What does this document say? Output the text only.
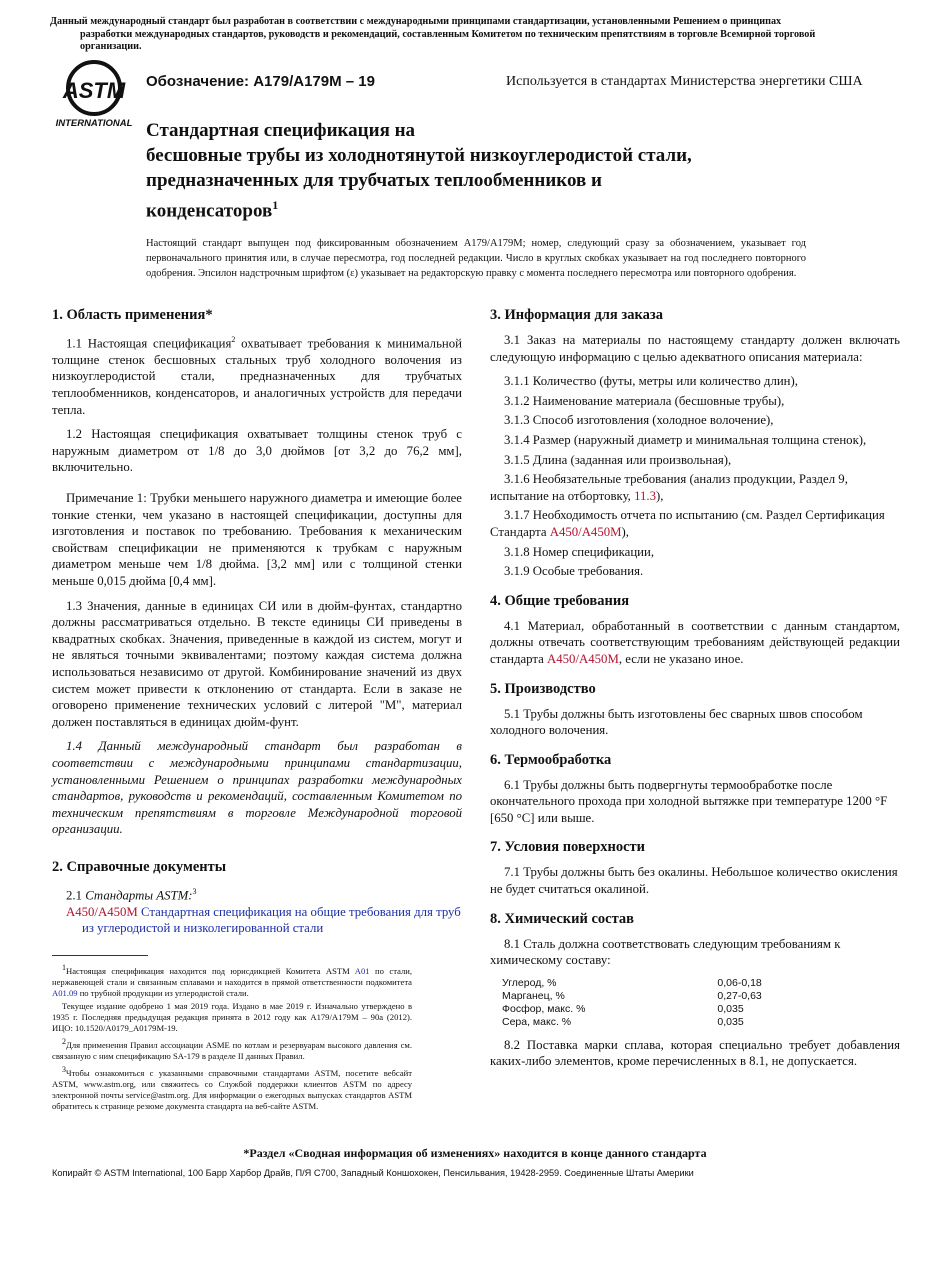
Данный международный стандарт был разработан в соответствии с международными принципами стандартизации, установленными Решением о принципах
разработки международных стандартов, руководств и рекомендаций, составленным Комитетом по техническим препятствиям в торговле Всемирной торговой
организации.
ASTM
INTERNATIONAL
Обозначение: A179/A179M – 19	Используется в стандартах Министерства энергетики США
Стандартная спецификация на
бесшовные трубы из холоднотянутой низкоуглеродистой стали,
предназначенных для трубчатых теплообменников и
конденсаторов$^1$
Настоящий стандарт выпущен под фиксированным обозначением A179/A179M; номер, следующий сразу за обозначением, указывает год первоначального принятия или, в случае пересмотра, год последней редакции. Число в круглых скобках указывает на год последнего повторного одобрения. Эпсилон надстрочным шрифтом (ε) указывает на редакторскую правку с момента последнего пересмотра или повторного одобрения.
1. Область применения*

1.1 Настоящая спецификация$^2$ охватывает требования к минимальной толщине стенок бесшовных стальных труб холодного волочения из низкоуглеродистой стали, предназначенных для трубчатых теплообменников, конденсаторов, и аналогичных устройств для передачи тепла.

1.2 Настоящая спецификация охватывает толщины стенок труб с наружным диаметром от 1/8 до 3,0 дюймов [от 3,2 до 76,2 мм], включительно.

Примечание 1: Трубки меньшего наружного диаметра и имеющие более тонкие стенки, чем указано в настоящей спецификации, доступны для изготовления и поставок по требованию. Требования к механическим свойствам спецификации не применяются к трубкам с наружным диаметром меньше чем 1/8 дюйма. [3,2 мм] или с толщиной стенки меньше 0,015 дюйма [0,4 мм].

1.3 Значения, данные в единицах СИ или в дюйм-фунтах, стандартно должны рассматриваться отдельно. В тексте единицы СИ приведены в квадратных скобках. Значения, приведенные в каждой из систем, могут и не являться точными эквивалентами; поэтому каждая система должна использоваться независимо от другой. Комбинирование значений из двух систем может привести к отклонению от стандарта. Если в заказе не оговорено применение технических условий с литерой "M", материал должен поставляться в единицах дюйм-фунт.

1.4 Данный международный стандарт был разработан в соответствии с международными принципами стандартизации, установленными Решением о принципах разработки международных стандартов, руководств и рекомендаций, составленным Комитетом по техническим препятствиям в торговле Международной торговой организации.

2. Справочные документы

2.1 Стандарты ASTM:$^3$

A450/A450M Стандартная спецификация на общие требования для труб из углеродистой и низколегированной стали

$^1$Настоящая спецификация находится под юрисдикцией Комитета ASTM A01 по стали, нержавеющей стали и связанным сплавами и находится в прямой ответственности подкомитета A01.09 по трубной продукции из углеродистой стали.

Текущее издание одобрено 1 мая 2019 года. Издано в мае 2019 г. Изначально утверждено в 1935 г. Последняя предыдущая редакция принята в 2012 году как A179/A179M – 90a (2012). ИЦО: 10.1520/A0179_A0179M-19.

$^2$Для применения Правил ассоциации ASME по котлам и резервуарам высокого давления см. связанную с ним спецификацию SA-179 в разделе II данных Правил.

$^3$Чтобы ознакомиться с указанными справочными стандартами ASTM, посетите вебсайт ASTM, www.astm.org, или свяжитесь со Службой поддержки клиентов ASTM по адресу электронной почты service@astm.org. Для информации о ежегодных выпусках стандартов ASTM обратитесь к странице резюме документа стандарта на веб-сайте ASTM.

3. Информация для заказа

3.1 Заказ на материалы по настоящему стандарту должен включать следующую информацию с целью адекватного описания материала:

3.1.1 Количество (футы, метры или количество длин),

3.1.2 Наименование материала (бесшовные трубы),

3.1.3 Способ изготовления (холодное волочение),

3.1.4 Размер (наружный диаметр и минимальная толщина стенок),

3.1.5 Длина (заданная или произвольная),

3.1.6 Необязательные требования (анализ продукции, Раздел 9, испытание на отбортовку, 11.3),

3.1.7 Необходимость отчета по испытанию (см. Раздел Сертификация Стандарта A450/A450M),

3.1.8 Номер спецификации,

3.1.9 Особые требования.

4. Общие требования

4.1 Материал, обработанный в соответствии с данным стандартом, должны отвечать соответствующим требованиям действующей редакции стандарта A450/A450M, если не указано иное.

5. Производство

5.1 Трубы должны быть изготовлены бес сварных швов способом холодного волочения.

6. Термообработка

6.1 Трубы должны быть подвергнуты термообработке после окончательного прохода при холодной вытяжке при температуре 1200 °F [650 °C] или выше.

7. Условия поверхности

7.1 Трубы должны быть без окалины. Небольшое количество окисления не будет считаться окалиной.

8. Химический состав

8.1 Сталь должна соответствовать следующим требованиям к химическому составу:

Углерод, %	0,06-0,18
Марганец, %	0,27-0,63
Фосфор, макс. %	0,035
Сера, макс. %	0,035

8.2 Поставка марки сплава, которая специально требует добавления каких-либо элементов, кроме перечисленных в 8.1, не допускается.

*Раздел «Сводная информация об изменениях» находится в конце данного стандарта
Копирайт © ASTM International, 100 Барр Харбор Драйв, П/Я C700, Западный Коншохокен, Пенсильвания, 19428-2959. Соединенные Штаты Америки
